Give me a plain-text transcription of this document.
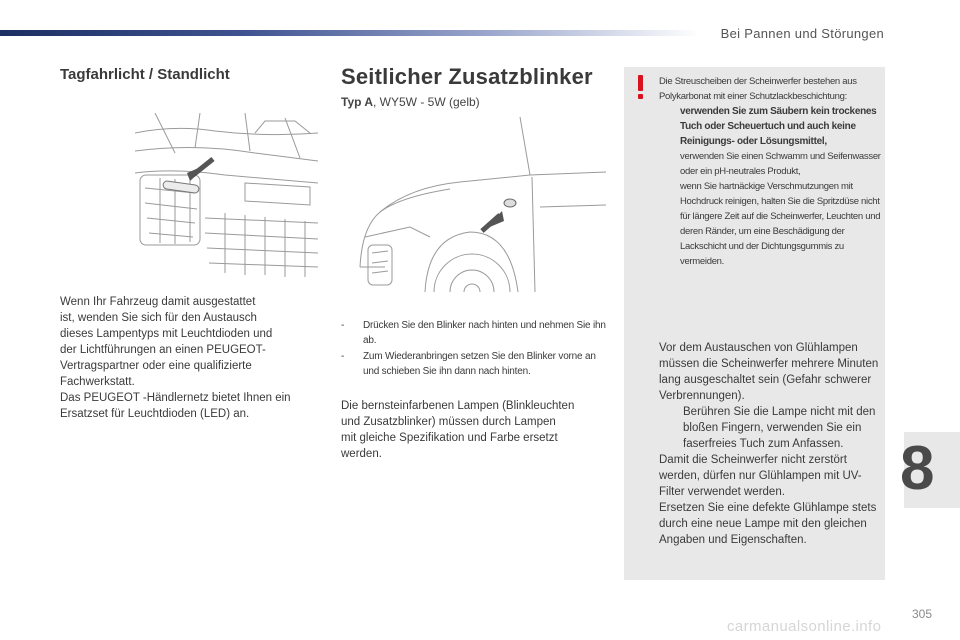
Bei Pannen und Störungen
Tagfahrlicht / Standlicht
Wenn Ihr Fahrzeug damit ausgestattet
ist, wenden Sie sich für den Austausch
dieses Lampentyps mit Leuchtdioden und
der Lichtführungen an einen PEUGEOT-
Vertragspartner oder eine qualifizierte
Fachwerkstatt.
Das PEUGEOT -Händlernetz bietet Ihnen ein
Ersatzset für Leuchtdioden (LED) an.
Seitlicher Zusatzblinker
Typ A, WY5W - 5W (gelb)
- Drücken Sie den Blinker nach hinten und nehmen Sie ihn ab.
- Zum Wiederanbringen setzen Sie den Blinker vorne an und schieben Sie ihn dann nach hinten.
Die bernsteinfarbenen Lampen (Blinkleuchten
und Zusatzblinker) müssen durch Lampen
mit gleiche Spezifikation und Farbe ersetzt
werden.
Die Streuscheiben der Scheinwerfer bestehen aus Polykarbonat mit einer Schutzlackbeschichtung:
verwenden Sie zum Säubern kein trockenes Tuch oder Scheuertuch und auch keine Reinigungs- oder Lösungsmittel,
verwenden Sie einen Schwamm und Seifenwasser oder ein pH-neutrales Produkt,
wenn Sie hartnäckige Verschmutzungen mit Hochdruck reinigen, halten Sie die Spritzdüse nicht für längere Zeit auf die Scheinwerfer, Leuchten und deren Ränder, um eine Beschädigung der Lackschicht und der Dichtungsgummis zu vermeiden.
Vor dem Austauschen von Glühlampen müssen die Scheinwerfer mehrere Minuten lang ausgeschaltet sein (Gefahr schwerer Verbrennungen).
Berühren Sie die Lampe nicht mit den bloßen Fingern, verwenden Sie ein faserfreies Tuch zum Anfassen.
Damit die Scheinwerfer nicht zerstört werden, dürfen nur Glühlampen mit UV-Filter verwendet werden.
Ersetzen Sie eine defekte Glühlampe stets durch eine neue Lampe mit den gleichen Angaben und Eigenschaften.
8
305
carmanualsonline.info
